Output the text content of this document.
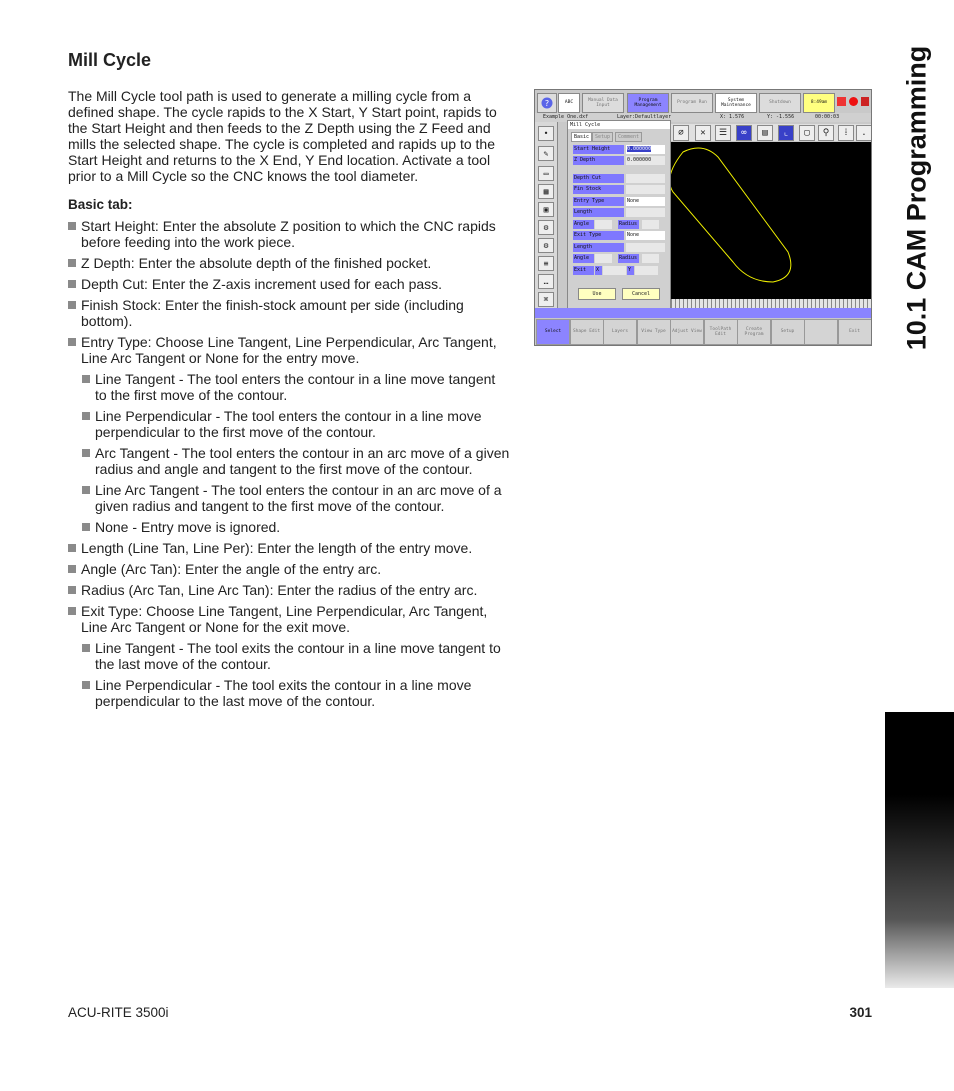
Mill Cycle

The Mill Cycle tool path is used to generate a milling cycle from a defined shape. The cycle rapids to the X Start, Y Start point, rapids to the Start Height and then feeds to the Z Depth using the Z Feed and mills the selected shape. The cycle is completed and rapids up to the Start Height and returns to the X End, Y End location. Activate a tool prior to a Mill Cycle so the CNC knows the tool diameter.

Basic tab:
Start Height: Enter the absolute Z position to which the CNC rapids before feeding into the work piece.
Z Depth: Enter the absolute depth of the finished pocket.
Depth Cut: Enter the Z-axis increment used for each pass.
Finish Stock: Enter the finish-stock amount per side (including bottom).
Entry Type: Choose Line Tangent, Line Perpendicular, Arc Tangent, Line Arc Tangent or None for the entry move.
Line Tangent - The tool enters the contour in a line move tangent to the first move of the contour.
Line Perpendicular - The tool enters the contour in a line move perpendicular to the first move of the contour.
Arc Tangent - The tool enters the contour in an arc move of a given radius and angle and tangent to the first move of the contour.
Line Arc Tangent - The tool enters the contour in an arc move of a given radius and tangent to the first move of the contour.
None - Entry move is ignored.
Length (Line Tan, Line Per): Enter the length of the entry move.
Angle (Arc Tan): Enter the angle of the entry arc.
Radius (Arc Tan, Line Arc Tan): Enter the radius of the entry arc.
Exit Type: Choose Line Tangent, Line Perpendicular, Arc Tangent, Line Arc Tangent or None for the exit move.
Line Tangent - The tool exits the contour in a line move tangent to the last move of the contour.
Line Perpendicular - The tool exits the contour in a line move perpendicular to the last move of the contour.
10.1 CAM Programming
ACU-RITE 3500i	301
?	ABC
Manual Data Input
Program Management
Program Run
System Maintenance
Shutdown	8:49am
Example One.dxf	Layer:Defaultlayer	X: 1.576	Y: -1.556	00:00:03
•
✎
▭
▦
▣
⚙
⚙
≡
…
⌘
∅	✕	☰	∞	▤	⌞	▢	⚲	⁞	.
Mill Cycle
Basic	Setup	Comment
Start Height	0.000000
Z Depth	0.000000
Depth Cut
Fin Stock
Entry Type	None
Length
Angle	Radius
Exit Type	None
Length
Angle	Radius
Exit	X	Y
Use	Cancel
Select	Shape Edit	Layers	View Type	Adjust View
ToolPath Edit
Create Program
Setup	Exit
